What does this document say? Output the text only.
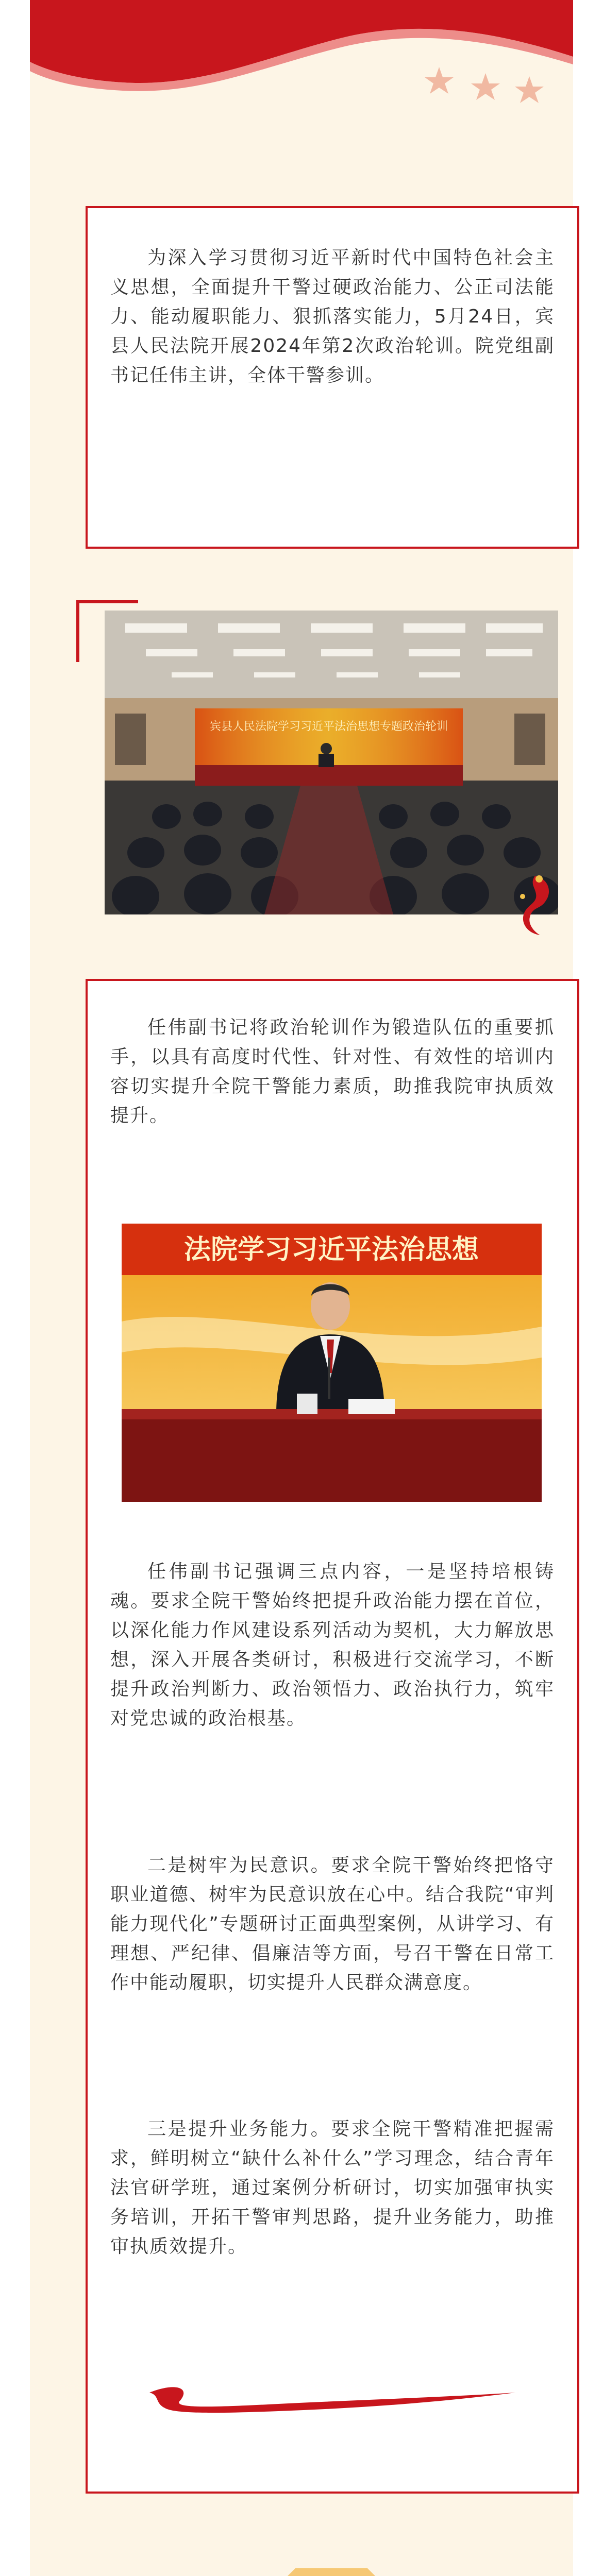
为深入学习贯彻习近平新时代中国特色社会主义思想，全面提升干警过硬政治能力、公正司法能力、能动履职能力、狠抓落实能力，5月24日，宾县人民法院开展2024年第2次政治轮训。院党组副书记任伟主讲，全体干警参训。

宾县人民法院学习习近平法治思想专题政治轮训

任伟副书记将政治轮训作为锻造队伍的重要抓手，以具有高度时代性、针对性、有效性的培训内容切实提升全院干警能力素质，助推我院审执质效提升。

任伟副书记强调三点内容，一是坚持培根铸魂。要求全院干警始终把提升政治能力摆在首位，以深化能力作风建设系列活动为契机，大力解放思想，深入开展各类研讨，积极进行交流学习，不断提升政治判断力、政治领悟力、政治执行力，筑牢对党忠诚的政治根基。

二是树牢为民意识。要求全院干警始终把恪守职业道德、树牢为民意识放在心中。结合我院“审判能力现代化”专题研讨正面典型案例，从讲学习、有理想、严纪律、倡廉洁等方面，号召干警在日常工作中能动履职，切实提升人民群众满意度。

三是提升业务能力。要求全院干警精准把握需求，鲜明树立“缺什么补什么”学习理念，结合青年法官研学班，通过案例分析研讨，切实加强审执实务培训，开拓干警审判思路，提升业务能力，助推审执质效提升。

法院学习习近平法治思想
